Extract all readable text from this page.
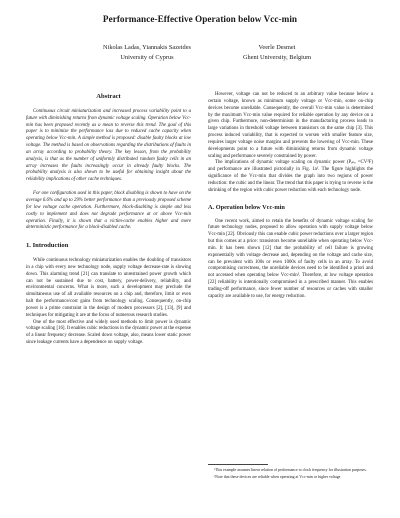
Performance-Effective Operation below Vcc-min
Nikolas Ladas, Yiannakis Sazeides
University of Cyprus
Veerle Desmet
Ghent University, Belgium
Abstract

Continuous circuit miniaturization and increased process variability point to a future with diminishing returns from dynamic voltage scaling. Operation below Vcc-min has been proposed recently as a mean to reverse this trend. The goal of this paper is to minimize the performance loss due to reduced cache capacity when operating below Vcc-min. A simple method is proposed: disable faulty blocks at low voltage. The method is based on observations regarding the distributions of faults in an array according to probability theory. The key lesson, from the probability analysis, is that as the number of uniformly distributed random faulty cells in an array increases the faults increasingly occur in already faulty blocks. The probability analysis is also shown to be useful for obtaining insight about the reliability implications of other cache techniques.

For one configuration used in this paper, block disabling is shown to have on the average 6.6% and up to 29% better performance than a previously proposed scheme for low voltage cache operation. Furthermore, block-disabling is simple and less costly to implement and does not degrade performance at or above Vcc-min operation. Finally, it is shown that a victim-cache enables higher and more deterministic performance for a block-disabled cache.

1. Introduction

While continuous technology miniaturization enables the doubling of transistors in a chip with every new technology node, supply voltage decrease-rate is slowing down. This alarming trend [21] can translate to unrestrained power growth which can not be sustained due to cost, battery, power-delivery, reliability, and environmental concerns. What is more, such a development may preclude the simultaneous use of all available resources on a chip and, therefore, limit or even halt the performance/cost gains from technology scaling. Consequently, on-chip power is a prime constraint in the design of modern processors [2], [13], [9] and techniques for mitigating it are at the focus of numerous research studies.

One of the most effective and widely used methods to limit power is dynamic voltage scaling [16]. It enables cubic reductions in the dynamic power at the expense of a linear frequency decrease. Scaled down voltage, also, means lower static power since leakage currents have a dependence on supply voltage.

However, voltage can not be reduced to an arbitrary value because below a certain voltage, known as minimum supply voltage or Vcc-min, some on-chip devices become unreliable. Consequently, the overall Vcc-min value is determined by the maximum Vcc-min value required for reliable operation by any device on a given chip. Furthermore, non-determinism in the manufacturing process leads to large variations in threshold voltage between transistors on the same chip [3]. This process induced variability, that is expected to worsen with smaller feature size, requires larger voltage noise margins and prevents the lowering of Vcc-min. These developments point to a future with diminishing returns from dynamic voltage scaling and performance severely constrained by power.

The implications of dynamic voltage scaling on dynamic power (Pₑₙₑ =CV²F) and performance are illustrated pictorially in Fig. 1a¹. The figure highlights the significance of the Vcc-min that divides the graph into two regions of power reduction: the cubic and the linear. The trend that this paper is trying to reverse is the shrinking of the region with cubic power reduction with each technology node.

A. Operation below Vcc-min

One recent work, aimed to retain the benefits of dynamic voltage scaling for future technology nodes, proposed to allow operation with supply voltage below Vcc-min [22]. Obviously this can enable cubic power reductions over a larger region but this comes at a price: transistors become unreliable when operating below Vcc-min. It has been shown [12] that the probability of cell failure is growing exponentially with voltage decrease and, depending on the voltage and cache size, can be prevalent with 100s or even 1000s of faulty cells in an array. To avoid compromising correctness, the unreliable devices need to be identified a priori and not accessed when operating below Vcc-min². Therefore, at low voltage operation [22] reliability is intentionally compromised in a prescribed manner. This enables trading-off performance, since fewer number of resources or caches with smaller capacity are available to use, for energy reduction.

¹This example assumes linear relation of performance to clock frequency for illustration purposes.

²Note that these devices are reliable when operating at Vcc-min or higher voltage
